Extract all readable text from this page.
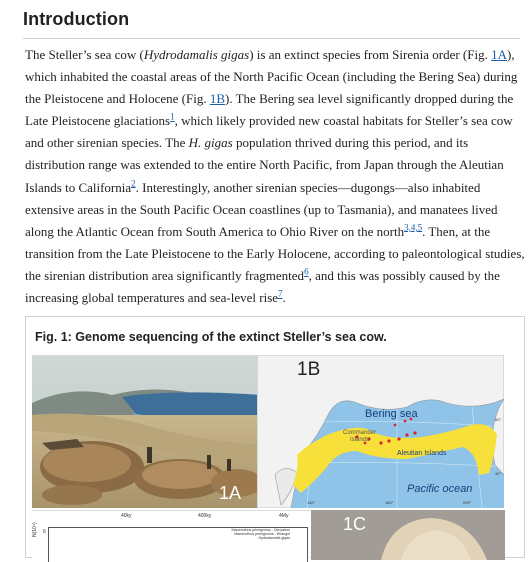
Introduction

The Steller’s sea cow (Hydrodamalis gigas) is an extinct species from Sirenia order (Fig. 1A), which inhabited the coastal areas of the North Pacific Ocean (including the Bering Sea) during the Pleistocene and Holocene (Fig. 1B). The Bering sea level significantly dropped during the Late Pleistocene glaciations$^1$, which likely provided new coastal habitats for Steller’s sea cow and other sirenian species. The H. gigas population thrived during this period, and its distribution range was extended to the entire North Pacific, from Japan through the Aleutian Islands to California$^2$. Interestingly, another sirenian species—dugongs—also inhabited extensive areas in the South Pacific Ocean coastlines (up to Tasmania), and manatees lived along the Atlantic Ocean from South America to Ohio River on the north$^{3,4,5}$. Then, at the transition from the Late Pleistocene to the Early Holocene, according to paleontological studies, the sirenian distribution area significantly fragmented$^6$, and this was possibly caused by the increasing global temperatures and sea-level rise$^7$.

Fig. 1: Genome sequencing of the extinct Steller’s sea cow.
1A
1B
Bering sea
Commander
Islands
Aleutian Islands
Pacific ocean
140°	180°	200°
60°
40°
40ky	400ky	4My
N(10⁴) 6	Mammuthus primigenius - Oimyakon
Mammuthus primigenius - Wrangel
Hydrodamalis gigas
1C
